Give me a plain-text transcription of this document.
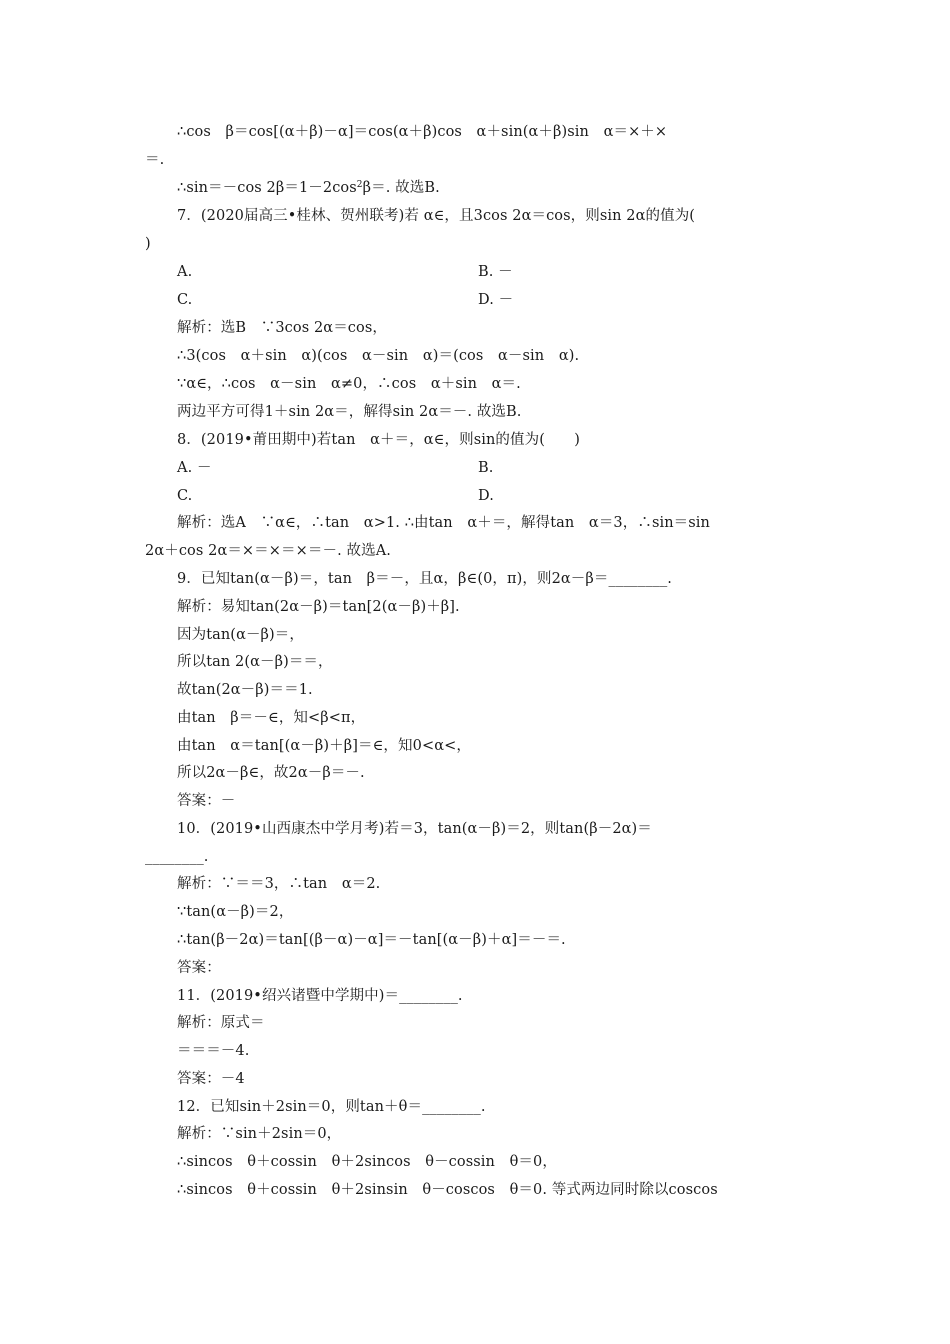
∴cos　β＝cos[(α＋β)－α]＝cos(α＋β)cos　α＋sin(α＋β)sin　α＝×＋×
＝.
∴sin＝－cos $2\beta=1-2\cos^2\beta=$. 故选B.
7．(2020届高三•桂林、贺州联考)若 α∈，且3cos 2α＝cos，则sin 2α的值为(
)
A.	B. －
C.	D. －
解析：选B　∵3cos 2α＝cos，
∴3(cos　α＋sin　α)(cos　α－sin　α)＝(cos　α－sin　α).
∵α∈，∴cos　α－sin　α≠0，∴cos　α＋sin　α＝.
两边平方可得1＋sin 2α＝，解得sin 2α＝－. 故选B.
8．(2019•莆田期中)若tan　α＋＝，α∈，则sin的值为(　　)
A. －	B.
C.	D.
解析：选A　∵α∈，∴tan　α>1. ∴由tan　α＋＝，解得tan　α＝3，∴sin＝sin
2α＋cos 2α＝×＝×＝×＝－. 故选A.
9．已知tan(α－β)＝，tan　β＝－，且α，β∈(0，π)，则2α－β＝________.
解析：易知tan(2α－β)＝tan[2(α－β)＋β].
因为tan(α－β)＝，
所以tan 2(α－β)＝＝，
故tan(2α－β)＝＝1.
由tan　β＝－∈，知<β<π，
由tan　α＝tan[(α－β)＋β]＝∈，知0<α<，
所以2α－β∈，故2α－β＝－.
答案：－
10．(2019•山西康杰中学月考)若＝3，tan(α－β)＝2，则tan(β－2α)＝
________.
解析：∵＝＝3，∴tan　α＝2.
∵tan(α－β)＝2，
∴tan(β－2α)＝tan[(β－α)－α]＝－tan[(α－β)＋α]＝－＝.
答案：
11．(2019•绍兴诸暨中学期中)＝________.
解析：原式＝
＝＝＝－4.
答案：－4
12．已知sin＋2sin＝0，则tan＋θ＝________.
解析：∵sin＋2sin＝0，
∴sincos　θ＋cossin　θ＋2sincos　θ－cossin　θ＝0，
∴sincos　θ＋cossin　θ＋2sinsin　θ－coscos　θ＝0. 等式两边同时除以coscos
